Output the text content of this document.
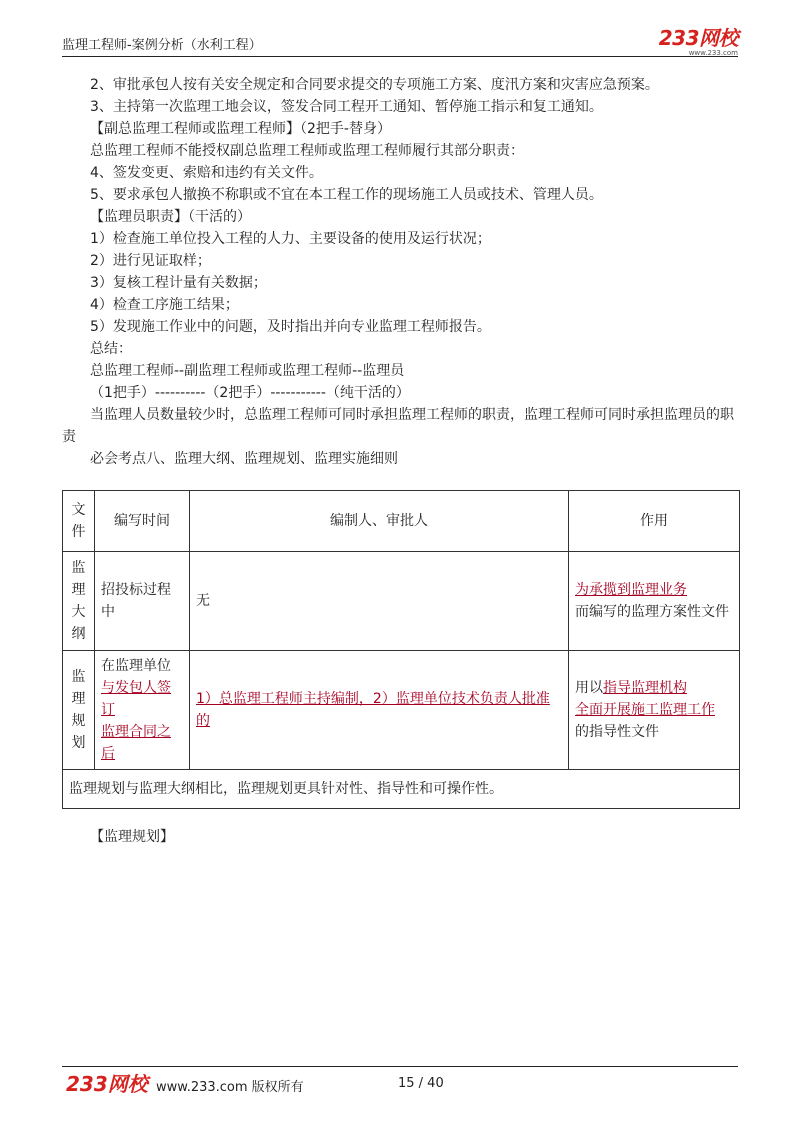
监理工程师-案例分析（水利工程）	233网校
www.233.com

2、审批承包人按有关安全规定和合同要求提交的专项施工方案、度汛方案和灾害应急预案。

3、主持第一次监理工地会议，签发合同工程开工通知、暂停施工指示和复工通知。

【副总监理工程师或监理工程师】（2把手-替身）

总监理工程师不能授权副总监理工程师或监理工程师履行其部分职责：

4、签发变更、索赔和违约有关文件。

5、要求承包人撤换不称职或不宜在本工程工作的现场施工人员或技术、管理人员。

【监理员职责】（干活的）

1）检查施工单位投入工程的人力、主要设备的使用及运行状况；

2）进行见证取样；

3）复核工程计量有关数据；

4）检查工序施工结果；

5）发现施工作业中的问题，及时指出并向专业监理工程师报告。

总结：

总监理工程师--副监理工程师或监理工程师--监理员

（1把手）----------（2把手）-----------（纯干活的）

当监理人员数量较少时，总监理工程师可同时承担监理工程师的职责，监理工程师可同时承担监理员的职责

必会考点八、监理大纲、监理规划、监理实施细则

文件	编写时间	编制人、审批人	作用
监理大纲	招投标过程中	无	为承揽到监理业务
而编写的监理方案性文件
监理规划	在监理单位
与发包人签订
监理合同之后	1）总监理工程师主持编制，2）监理单位技术负责人批准的	用以指导监理机构
全面开展施工监理工作
的指导性文件
监理规划与监理大纲相比，监理规划更具针对性、指导性和可操作性。			
【监理规划】
233网校 www.233.com 版权所有	15 / 40
